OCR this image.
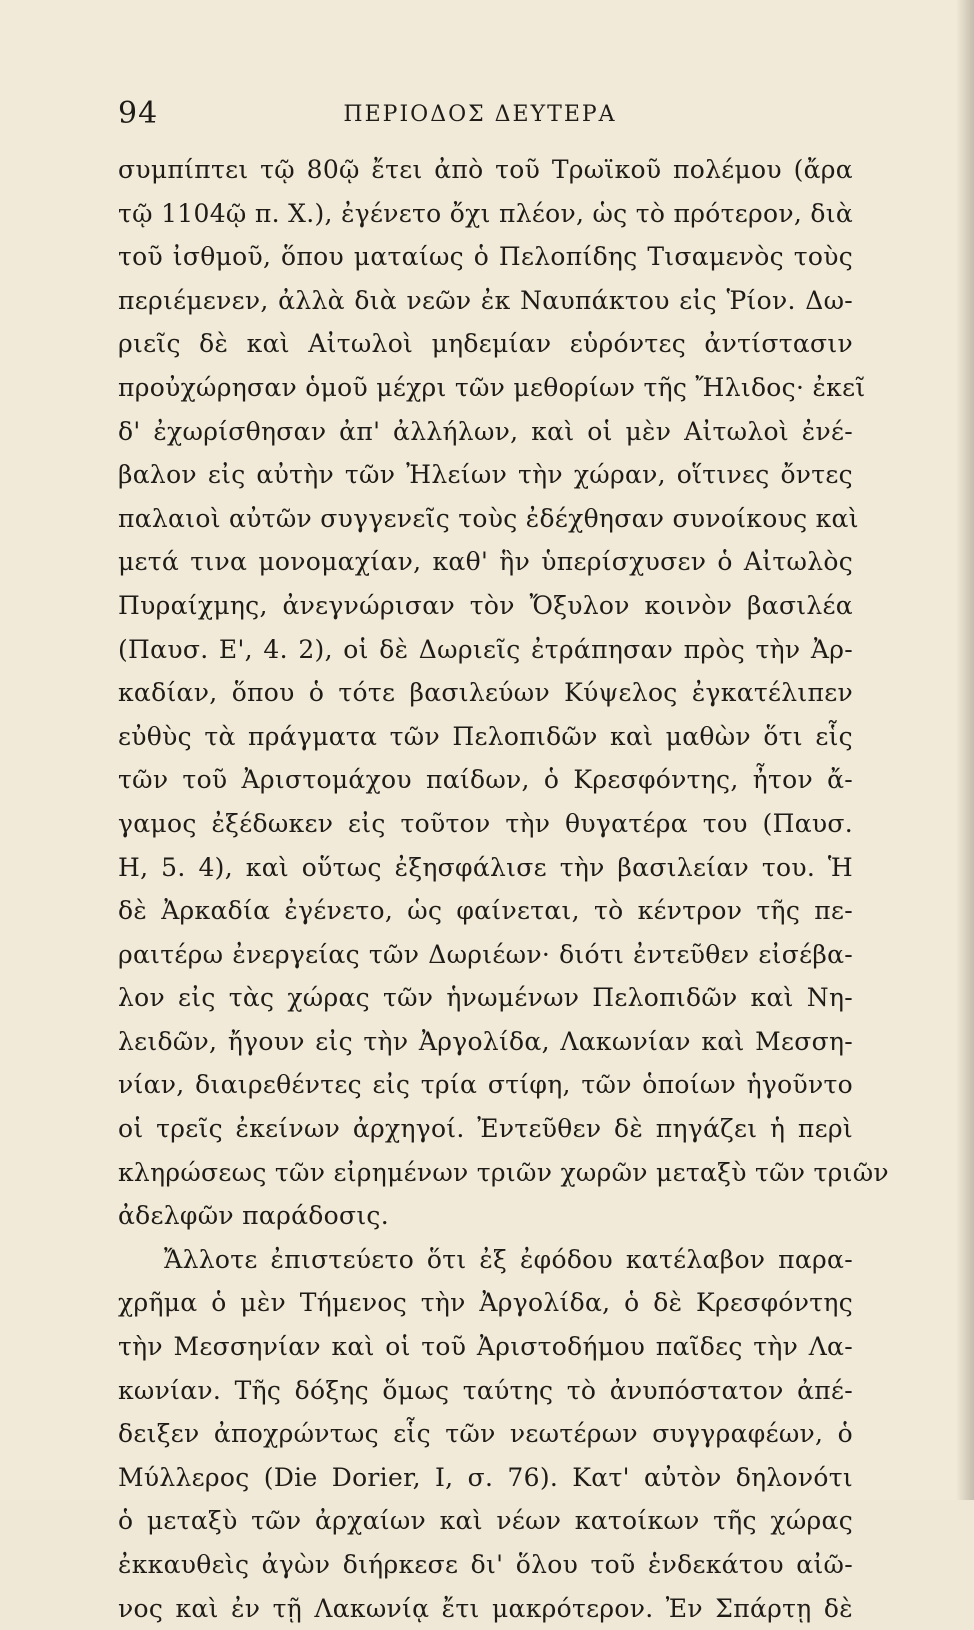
94	ΠΕΡΙΟΔΟΣ ΔΕΥΤΕΡΑ
συμπίπτει τῷ 80ῷ ἔτει ἀπὸ τοῦ Τρωϊκοῦ πολέμου (ἄρα
τῷ 1104ῷ π. Χ.), ἐγένετο ὄχι πλέον, ὡς τὸ πρότερον, διὰ
τοῦ ἰσθμοῦ, ὅπου ματαίως ὁ Πελοπίδης Τισαμενὸς τοὺς
περιέμενεν, ἀλλὰ διὰ νεῶν ἐκ Ναυπάκτου εἰς Ῥίον. Δω-
ριεῖς δὲ καὶ Αἰτωλοὶ μηδεμίαν εὑρόντες ἀντίστασιν
προὐχώρησαν ὁμοῦ μέχρι τῶν μεθορίων τῆς Ἤλιδος· ἐκεῖ
δ' ἐχωρίσθησαν ἀπ' ἀλλήλων, καὶ οἱ μὲν Αἰτωλοὶ ἐνέ-
βαλον εἰς αὐτὴν τῶν Ἠλείων τὴν χώραν, οἵτινες ὄντες
παλαιοὶ αὐτῶν συγγενεῖς τοὺς ἐδέχθησαν συνοίκους καὶ
μετά τινα μονομαχίαν, καθ' ἣν ὑπερίσχυσεν ὁ Αἰτωλὸς
Πυραίχμης, ἀνεγνώρισαν τὸν Ὄξυλον κοινὸν βασιλέα
(Παυσ. Ε', 4. 2), οἱ δὲ Δωριεῖς ἐτράπησαν πρὸς τὴν Ἀρ-
καδίαν, ὅπου ὁ τότε βασιλεύων Κύψελος ἐγκατέλιπεν
εὐθὺς τὰ πράγματα τῶν Πελοπιδῶν καὶ μαθὼν ὅτι εἷς
τῶν τοῦ Ἀριστομάχου παίδων, ὁ Κρεσφόντης, ἦτον ἄ-
γαμος ἐξέδωκεν εἰς τοῦτον τὴν θυγατέρα του (Παυσ.
Η, 5. 4), καὶ οὕτως ἐξησφάλισε τὴν βασιλείαν του. Ἡ
δὲ Ἀρκαδία ἐγένετο, ὡς φαίνεται, τὸ κέντρον τῆς πε-
ραιτέρω ἐνεργείας τῶν Δωριέων· διότι ἐντεῦθεν εἰσέβα-
λον εἰς τὰς χώρας τῶν ἡνωμένων Πελοπιδῶν καὶ Νη-
λειδῶν, ἤγουν εἰς τὴν Ἀργολίδα, Λακωνίαν καὶ Μεσση-
νίαν, διαιρεθέντες εἰς τρία στίφη, τῶν ὁποίων ἡγοῦντο
οἱ τρεῖς ἐκείνων ἀρχηγοί. Ἐντεῦθεν δὲ πηγάζει ἡ περὶ
κληρώσεως τῶν εἰρημένων τριῶν χωρῶν μεταξὺ τῶν τριῶν
ἀδελφῶν παράδοσις.
Ἄλλοτε ἐπιστεύετο ὅτι ἐξ ἐφόδου κατέλαβον παρα-
χρῆμα ὁ μὲν Τήμενος τὴν Ἀργολίδα, ὁ δὲ Κρεσφόντης
τὴν Μεσσηνίαν καὶ οἱ τοῦ Ἀριστοδήμου παῖδες τὴν Λα-
κωνίαν. Τῆς δόξης ὅμως ταύτης τὸ ἀνυπόστατον ἀπέ-
δειξεν ἀποχρώντως εἷς τῶν νεωτέρων συγγραφέων, ὁ
Μύλλερος (Die Dorier, I, σ. 76). Κατ' αὐτὸν δηλονότι
ὁ μεταξὺ τῶν ἀρχαίων καὶ νέων κατοίκων τῆς χώρας
ἐκκαυθεὶς ἀγὼν διήρκεσε δι' ὅλου τοῦ ἑνδεκάτου αἰῶ-
νος καὶ ἐν τῇ Λακωνίᾳ ἔτι μακρότερον. Ἐν Σπάρτῃ δὲ
